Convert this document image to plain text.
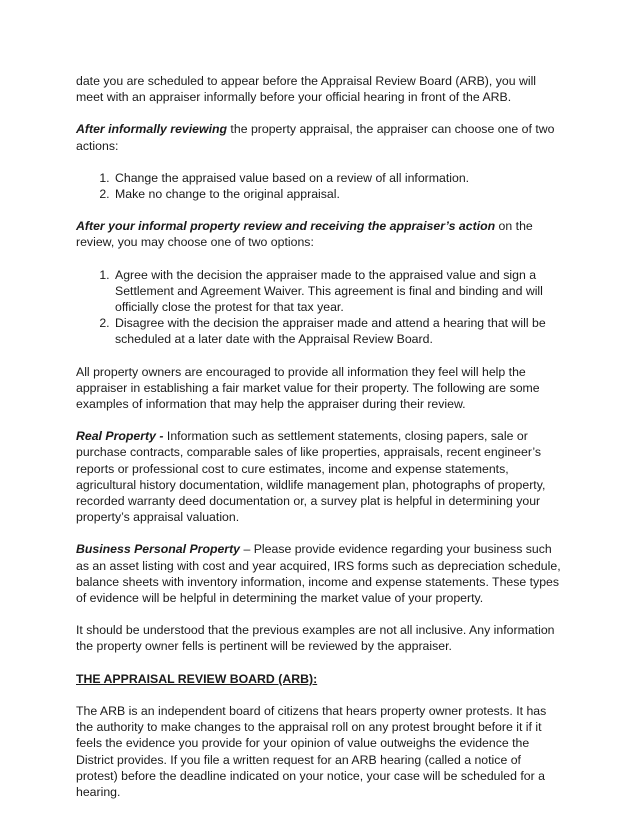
date you are scheduled to appear before the Appraisal Review Board (ARB), you will meet with an appraiser informally before your official hearing in front of the ARB.

After informally reviewing the property appraisal, the appraiser can choose one of two actions:

1. Change the appraised value based on a review of all information.
2. Make no change to the original appraisal.

After your informal property review and receiving the appraiser’s action on the review, you may choose one of two options:

1. Agree with the decision the appraiser made to the appraised value and sign a Settlement and Agreement Waiver. This agreement is final and binding and will officially close the protest for that tax year.
2. Disagree with the decision the appraiser made and attend a hearing that will be scheduled at a later date with the Appraisal Review Board.

All property owners are encouraged to provide all information they feel will help the appraiser in establishing a fair market value for their property. The following are some examples of information that may help the appraiser during their review.

Real Property - Information such as settlement statements, closing papers, sale or purchase contracts, comparable sales of like properties, appraisals, recent engineer’s reports or professional cost to cure estimates, income and expense statements, agricultural history documentation, wildlife management plan, photographs of property, recorded warranty deed documentation or, a survey plat is helpful in determining your property’s appraisal valuation.

Business Personal Property – Please provide evidence regarding your business such as an asset listing with cost and year acquired, IRS forms such as depreciation schedule, balance sheets with inventory information, income and expense statements. These types of evidence will be helpful in determining the market value of your property.

It should be understood that the previous examples are not all inclusive. Any information the property owner fells is pertinent will be reviewed by the appraiser.

THE APPRAISAL REVIEW BOARD (ARB):

The ARB is an independent board of citizens that hears property owner protests. It has the authority to make changes to the appraisal roll on any protest brought before it if it feels the evidence you provide for your opinion of value outweighs the evidence the District provides. If you file a written request for an ARB hearing (called a notice of protest) before the deadline indicated on your notice, your case will be scheduled for a hearing.
